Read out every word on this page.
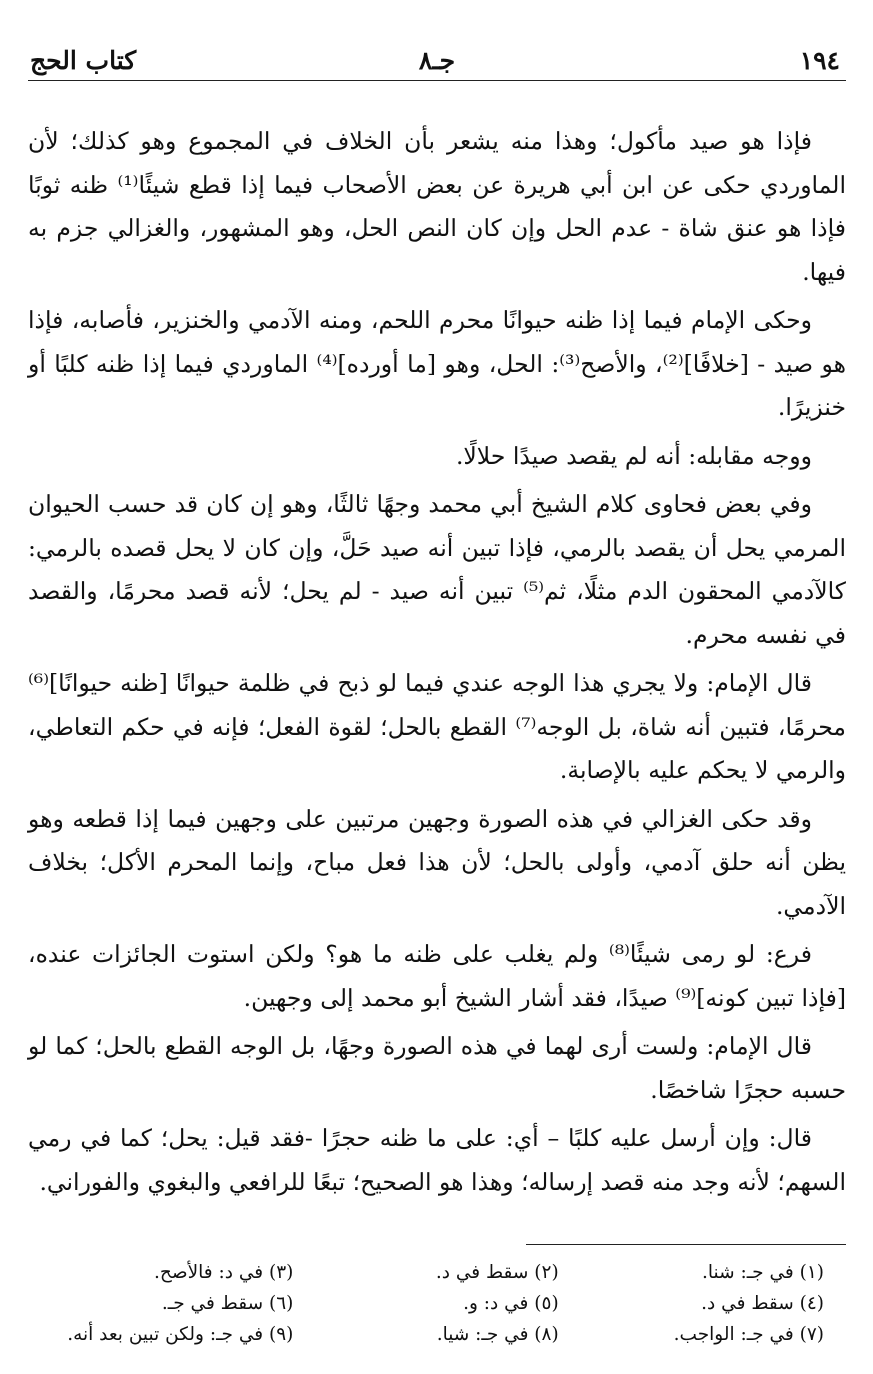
١٩٤
جـ٨
كتاب الحج

فإذا هو صيد مأكول؛ وهذا منه يشعر بأن الخلاف في المجموع وهو كذلك؛ لأن الماوردي حكى عن ابن أبي هريرة عن بعض الأصحاب فيما إذا قطع شيئًا⁽¹⁾ ظنه ثوبًا فإذا هو عنق شاة - عدم الحل وإن كان النص الحل، وهو المشهور، والغزالي جزم به فيها.

وحكى الإمام فيما إذا ظنه حيوانًا محرم اللحم، ومنه الآدمي والخنزير، فأصابه، فإذا هو صيد - [خلافًا]⁽²⁾، والأصح⁽³⁾: الحل، وهو [ما أورده]⁽⁴⁾ الماوردي فيما إذا ظنه كلبًا أو خنزيرًا.

ووجه مقابله: أنه لم يقصد صيدًا حلالًا.

وفي بعض فحاوى كلام الشيخ أبي محمد وجهًا ثالثًا، وهو إن كان قد حسب الحيوان المرمي يحل أن يقصد بالرمي، فإذا تبين أنه صيد حَلَّ، وإن كان لا يحل قصده بالرمي: كالآدمي المحقون الدم مثلًا، ثم⁽⁵⁾ تبين أنه صيد - لم يحل؛ لأنه قصد محرمًا، والقصد في نفسه محرم.

قال الإمام: ولا يجري هذا الوجه عندي فيما لو ذبح في ظلمة حيوانًا [ظنه حيوانًا]⁽⁶⁾ محرمًا، فتبين أنه شاة، بل الوجه⁽⁷⁾ القطع بالحل؛ لقوة الفعل؛ فإنه في حكم التعاطي، والرمي لا يحكم عليه بالإصابة.

وقد حكى الغزالي في هذه الصورة وجهين مرتبين على وجهين فيما إذا قطعه وهو يظن أنه حلق آدمي، وأولى بالحل؛ لأن هذا فعل مباح، وإنما المحرم الأكل؛ بخلاف الآدمي.

فرع: لو رمى شيئًا⁽⁸⁾ ولم يغلب على ظنه ما هو؟ ولكن استوت الجائزات عنده، [فإذا تبين كونه]⁽⁹⁾ صيدًا، فقد أشار الشيخ أبو محمد إلى وجهين.

قال الإمام: ولست أرى لهما في هذه الصورة وجهًا، بل الوجه القطع بالحل؛ كما لو حسبه حجرًا شاخصًا.

قال: وإن أرسل عليه كلبًا – أي: على ما ظنه حجرًا -فقد قيل: يحل؛ كما في رمي السهم؛ لأنه وجد منه قصد إرساله؛ وهذا هو الصحيح؛ تبعًا للرافعي والبغوي والفوراني.

(١) في جـ: شنا.
(٢) سقط في د.
(٣) في د: فالأصح.
(٤) سقط في د.
(٥) في د: و.
(٦) سقط في جـ.
(٧) في جـ: الواجب.
(٨) في جـ: شيا.
(٩) في جـ: ولكن تبين بعد أنه.
